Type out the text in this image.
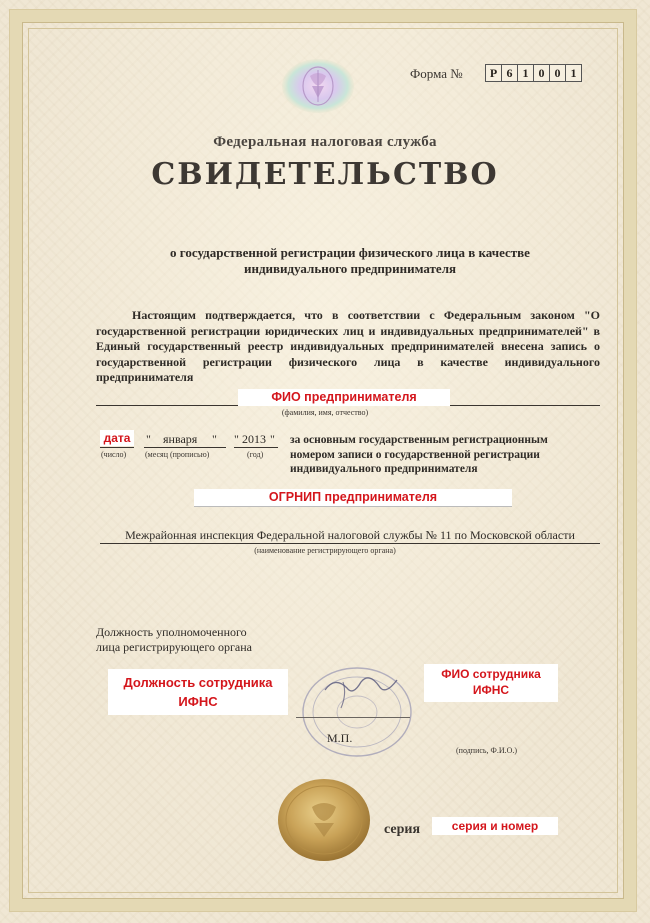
Форма №	Р 6 1 0 0 1
Федеральная налоговая служба
СВИДЕТЕЛЬСТВО
о государственной регистрации физического лица в качестве
индивидуального предпринимателя
Настоящим подтверждается, что в соответствии с Федеральным законом "О государственной регистрации юридических лиц и индивидуальных предпринимателей" в Единый государственный реестр индивидуальных предпринимателей внесена запись о государственной регистрации физического лица в качестве индивидуального предпринимателя
ФИО предпринимателя
(фамилия, имя, отчество)
дата " января " " 2013 "
(число) (месяц (прописью)	(год)
за основным государственным регистрационным номером записи о государственной регистрации индивидуального предпринимателя
ОГРНИП предпринимателя
Межрайонная инспекция Федеральной налоговой службы № 11 по Московской области
(наименование регистрирующего органа)
Должность уполномоченного
лица регистрирующего органа
Должность сотрудника
ИФНС
ФИО сотрудника
ИФНС
М.П.
(подпись, Ф.И.О.)
серия	серия и номер
